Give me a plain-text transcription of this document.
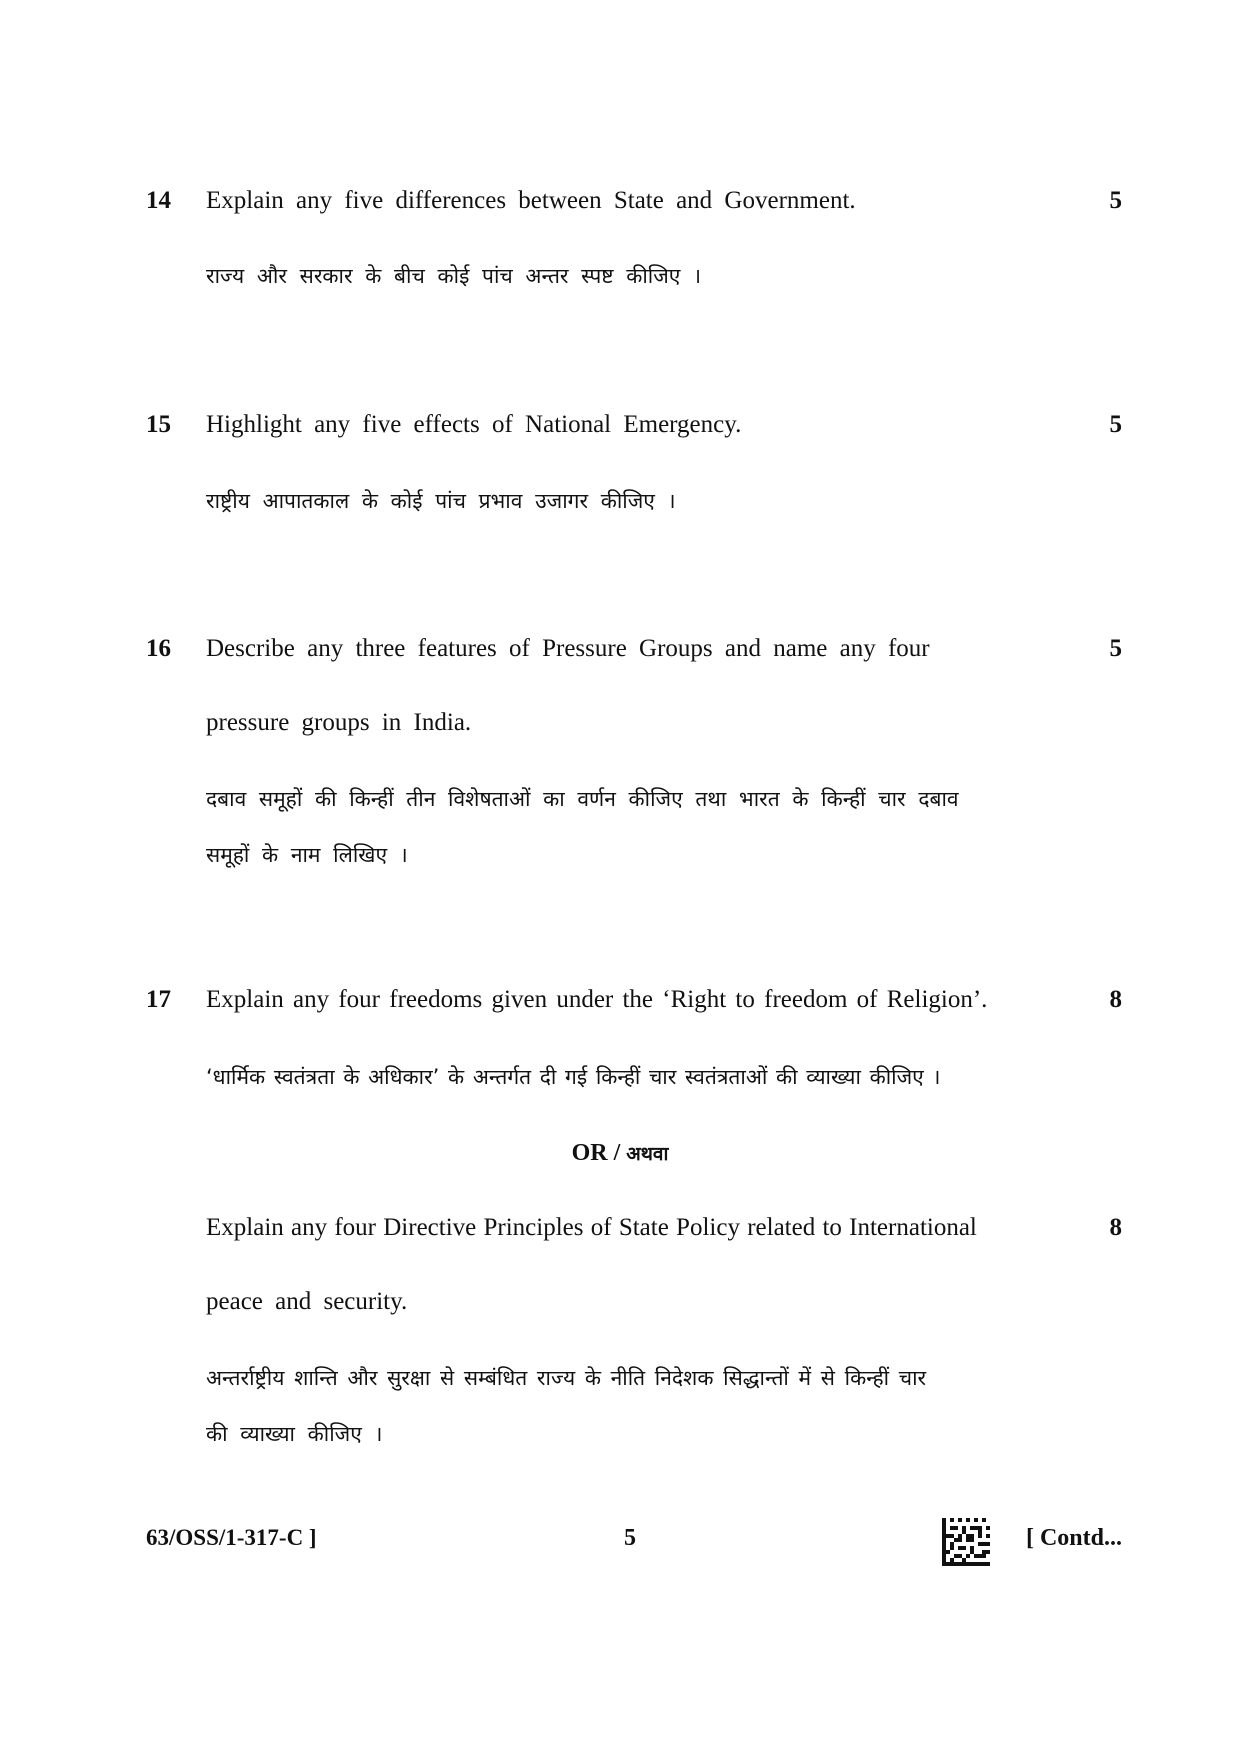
14 Explain any five differences between State and Government.	5
राज्य और सरकार के बीच कोई पांच अन्तर स्पष्ट कीजिए ।
15 Highlight any five effects of National Emergency.	5
राष्ट्रीय आपातकाल के कोई पांच प्रभाव उजागर कीजिए ।
16 Describe any three features of Pressure Groups and name any four	5
pressure groups in India.
दबाव समूहों की किन्हीं तीन विशेषताओं का वर्णन कीजिए तथा भारत के किन्हीं चार दबाव
समूहों के नाम लिखिए ।
17 Explain any four freedoms given under the ‘Right to freedom of Religion’.	8
‘धार्मिक स्वतंत्रता के अधिकार’ के अन्तर्गत दी गई किन्हीं चार स्वतंत्रताओं की व्याख्या कीजिए ।
OR / अथवा
Explain any four Directive Principles of State Policy related to International	8
peace and security.
अन्तर्राष्ट्रीय शान्ति और सुरक्षा से सम्बंधित राज्य के नीति निदेशक सिद्धान्तों में से किन्हीं चार
की व्याख्या कीजिए ।
63/OSS/1-317-C ]	5	[ Contd...
